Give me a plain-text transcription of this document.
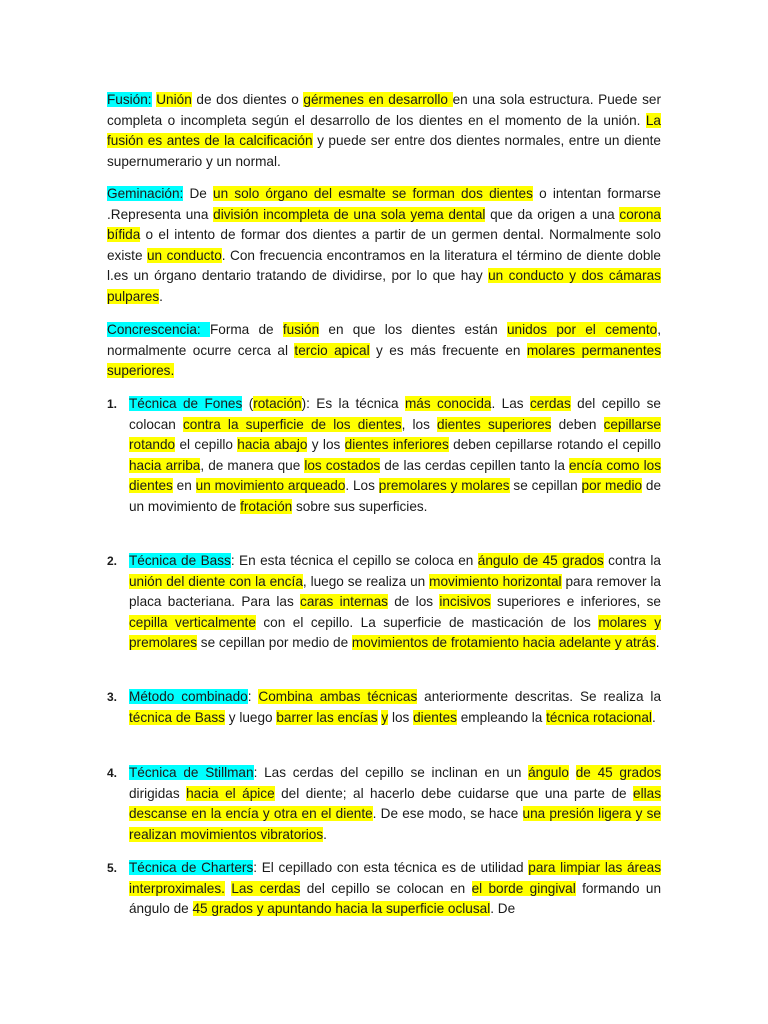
Fusión: Unión de dos dientes o gérmenes en desarrollo en una sola estructura. Puede ser completa o incompleta según el desarrollo de los dientes en el momento de la unión. La fusión es antes de la calcificación y puede ser entre dos dientes normales, entre un diente supernumerario y un normal.

Geminación: De un solo órgano del esmalte se forman dos dientes o intentan formarse .Representa una división incompleta de una sola yema dental que da origen a una corona bífida o el intento de formar dos dientes a partir de un germen dental. Normalmente solo existe un conducto. Con frecuencia encontramos en la literatura el término de diente doble l.es un órgano dentario tratando de dividirse, por lo que hay un conducto y dos cámaras pulpares.

Concrescencia: Forma de fusión en que los dientes están unidos por el cemento, normalmente ocurre cerca al tercio apical y es más frecuente en molares permanentes superiores.

1. Técnica de Fones (rotación): Es la técnica más conocida. Las cerdas del cepillo se colocan contra la superficie de los dientes, los dientes superiores deben cepillarse rotando el cepillo hacia abajo y los dientes inferiores deben cepillarse rotando el cepillo hacia arriba, de manera que los costados de las cerdas cepillen tanto la encía como los dientes en un movimiento arqueado. Los premolares y molares se cepillan por medio de un movimiento de frotación sobre sus superficies.
2. Técnica de Bass: En esta técnica el cepillo se coloca en ángulo de 45 grados contra la unión del diente con la encía, luego se realiza un movimiento horizontal para remover la placa bacteriana. Para las caras internas de los incisivos superiores e inferiores, se cepilla verticalmente con el cepillo. La superficie de masticación de los molares y premolares se cepillan por medio de movimientos de frotamiento hacia adelante y atrás.
3. Método combinado: Combina ambas técnicas anteriormente descritas. Se realiza la técnica de Bass y luego barrer las encías y los dientes empleando la técnica rotacional.
4. Técnica de Stillman: Las cerdas del cepillo se inclinan en un ángulo de 45 grados dirigidas hacia el ápice del diente; al hacerlo debe cuidarse que una parte de ellas descanse en la encía y otra en el diente. De ese modo, se hace una presión ligera y se realizan movimientos vibratorios.
5. Técnica de Charters: El cepillado con esta técnica es de utilidad para limpiar las áreas interproximales. Las cerdas del cepillo se colocan en el borde gingival formando un ángulo de 45 grados y apuntando hacia la superficie oclusal. De
